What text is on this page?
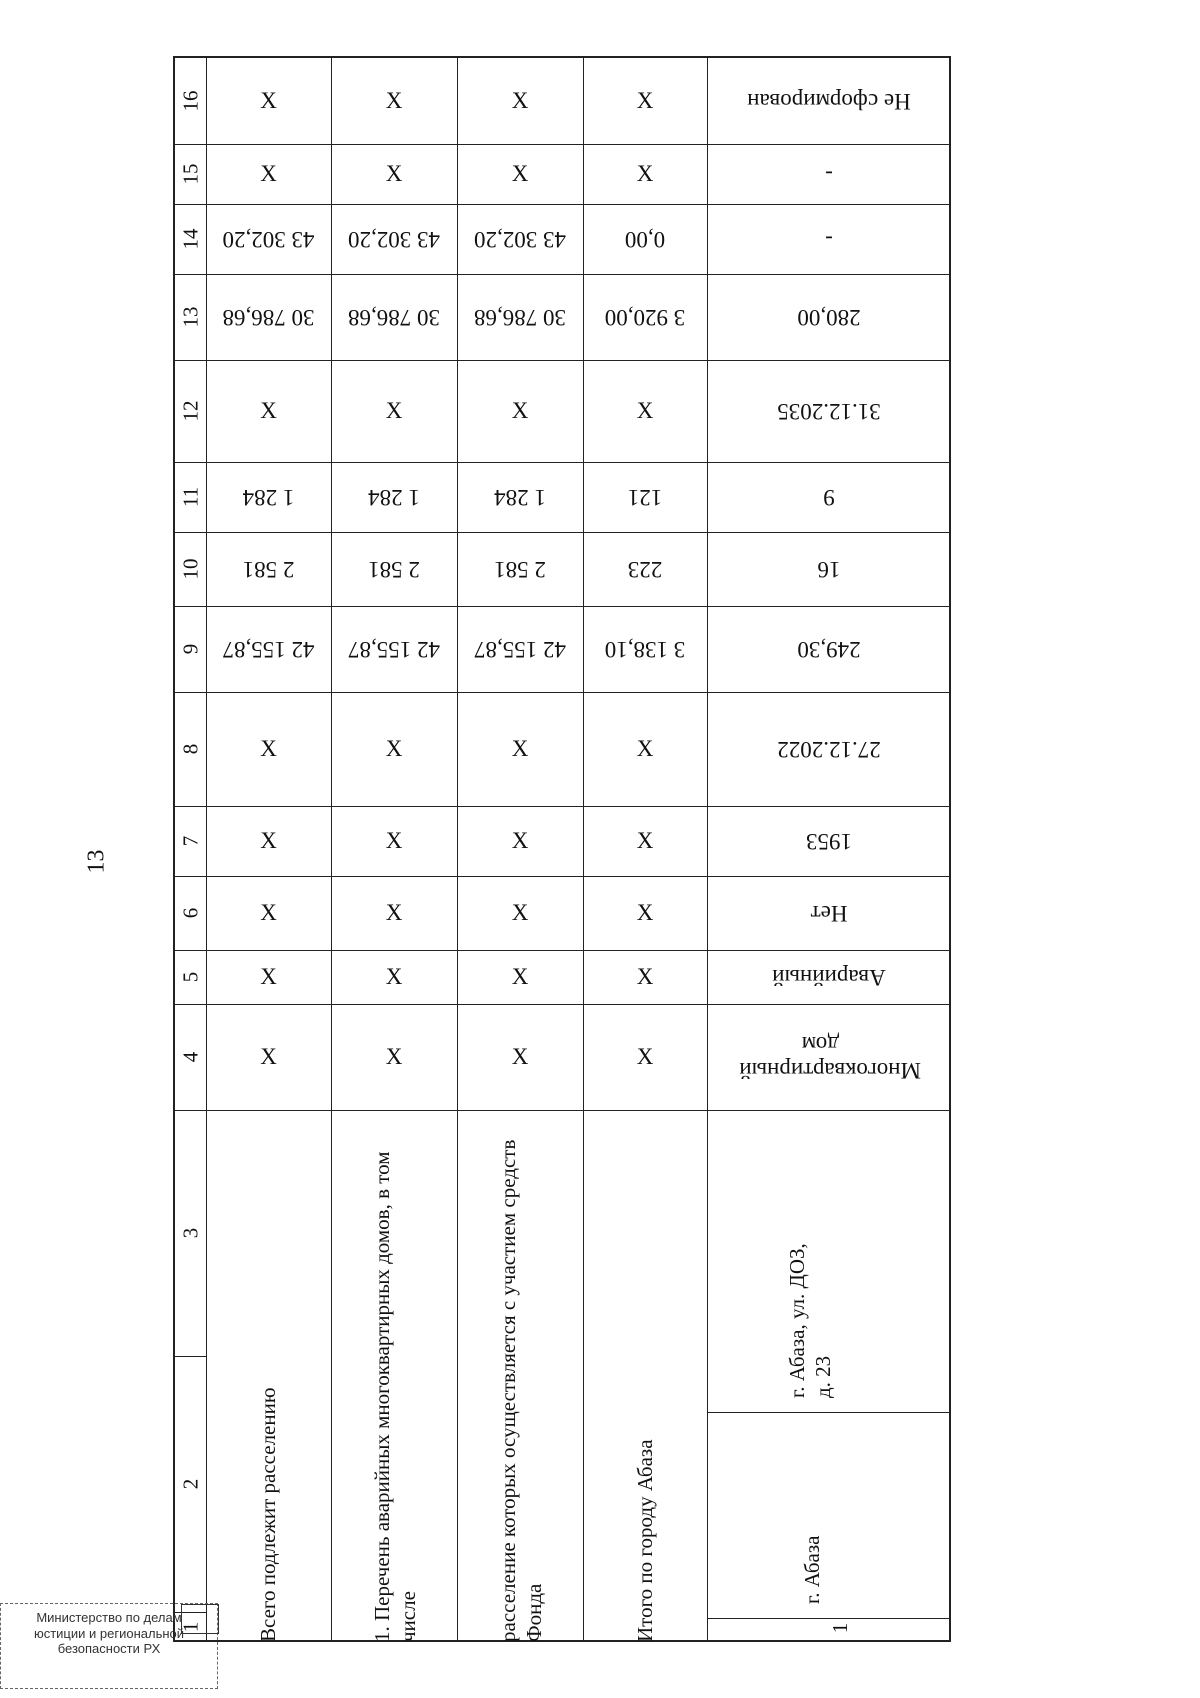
13
16
15
14
13
12
11
10
9
8
7
6
5
4
3
2
1
X
X
43 302,20
30 786,68
X
1 284
2 581
42 155,87
X
X
X
X
X
Всего подлежит расселению
X
X
43 302,20
30 786,68
X
1 284
2 581
42 155,87
X
X
X
X
X
1. Перечень аварийных многоквартирных домов, в том числе
X
X
43 302,20
30 786,68
X
1 284
2 581
42 155,87
X
X
X
X
X
расселение которых осуществляется с участием средств Фонда
X
X
0,00
3 920,00
X
121
223
3 138,10
X
X
X
X
X
Итого по городу Абаза
Не сформирован
-
-
280,00
31.12.2035
9
16
249,30
27.12.2022
1953
Нет
Аварийный
Многоквартирный
дом
г. Абаза, ул. ДОЗ, д. 23
г. Абаза
1
Министерство по делам
юстиции и региональной
безопасности РХ
